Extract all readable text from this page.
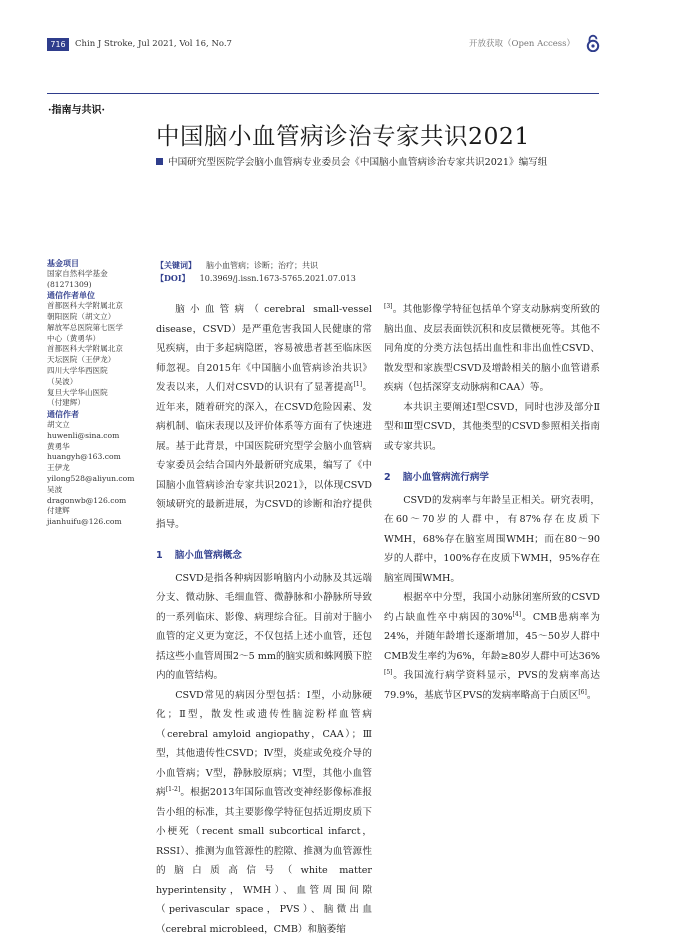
716	Chin J Stroke, Jul 2021, Vol 16, No.7	开放获取（Open Access）
·指南与共识·
中国脑小血管病诊治专家共识2021
中国研究型医院学会脑小血管病专业委员会《中国脑小血管病诊治专家共识2021》编写组
基金项目
国家自然科学基金
(81271309)
通信作者单位
首都医科大学附属北京
朝阳医院（胡文立）
解放军总医院第七医学
中心（黄勇华）
首都医科大学附属北京
天坛医院（王伊龙）
四川大学华西医院
（吴波）
复旦大学华山医院
（付建辉）
通信作者
胡文立
huwenli@sina.com
黄勇华
huangyh@163.com
王伊龙
yilong528@aliyun.com
吴波
dragonwb@126.com
付建辉
jianhuifu@126.com
【关键词】 脑小血管病；诊断；治疗；共识
【DOI】 10.3969/j.issn.1673-5765.2021.07.013

脑小血管病（cerebral small-vessel disease，CSVD）是严重危害我国人民健康的常见疾病，由于多起病隐匿，容易被患者甚至临床医师忽视。自2015年《中国脑小血管病诊治共识》发表以来，人们对CSVD的认识有了显著提高[1]。近年来，随着研究的深入，在CSVD危险因素、发病机制、临床表现以及评价体系等方面有了快速进展。基于此背景，中国医院研究型学会脑小血管病专家委员会结合国内外最新研究成果，编写了《中国脑小血管病诊治专家共识2021》，以体现CSVD领域研究的最新进展，为CSVD的诊断和治疗提供指导。

1 脑小血管病概念

CSVD是指各种病因影响脑内小动脉及其远端分支、微动脉、毛细血管、微静脉和小静脉所导致的一系列临床、影像、病理综合征。目前对于脑小血管的定义更为宽泛，不仅包括上述小血管，还包括这些小血管周围2～5 mm的脑实质和蛛网膜下腔内的血管结构。

CSVD常见的病因分型包括：Ⅰ型，小动脉硬化；Ⅱ型，散发性或遗传性脑淀粉样血管病（cerebral amyloid angiopathy，CAA）；Ⅲ型，其他遗传性CSVD；Ⅳ型，炎症或免疫介导的小血管病；Ⅴ型，静脉胶原病；Ⅵ型，其他小血管病[1-2]。根据2013年国际血管改变神经影像标准报告小组的标准，其主要影像学特征包括近期皮质下小梗死（recent small subcortical infarct，RSSI）、推测为血管源性的腔隙、推测为血管源性的脑白质高信号（white matter hyperintensity，WMH）、血管周围间隙（perivascular space，PVS）、脑微出血（cerebral microbleed，CMB）和脑萎缩

[3]。其他影像学特征包括单个穿支动脉病变所致的脑出血、皮层表面铁沉积和皮层微梗死等。其他不同角度的分类方法包括出血性和非出血性CSVD、散发型和家族型CSVD及增龄相关的脑小血管谱系疾病（包括深穿支动脉病和CAA）等。

本共识主要阐述Ⅰ型CSVD，同时也涉及部分Ⅱ型和Ⅲ型CSVD，其他类型的CSVD参照相关指南或专家共识。

2 脑小血管病流行病学

CSVD的发病率与年龄呈正相关。研究表明，在60～70岁的人群中，有87%存在皮质下WMH，68%存在脑室周围WMH；而在80～90岁的人群中，100%存在皮质下WMH，95%存在脑室周围WMH。

根据卒中分型，我国小动脉闭塞所致的CSVD约占缺血性卒中病因的30%[4]。CMB患病率为24%，并随年龄增长逐渐增加，45～50岁人群中CMB发生率约为6%，年龄≥80岁人群中可达36%[5]。我国流行病学资料显示，PVS的发病率高达79.9%，基底节区PVS的发病率略高于白质区[6]。
